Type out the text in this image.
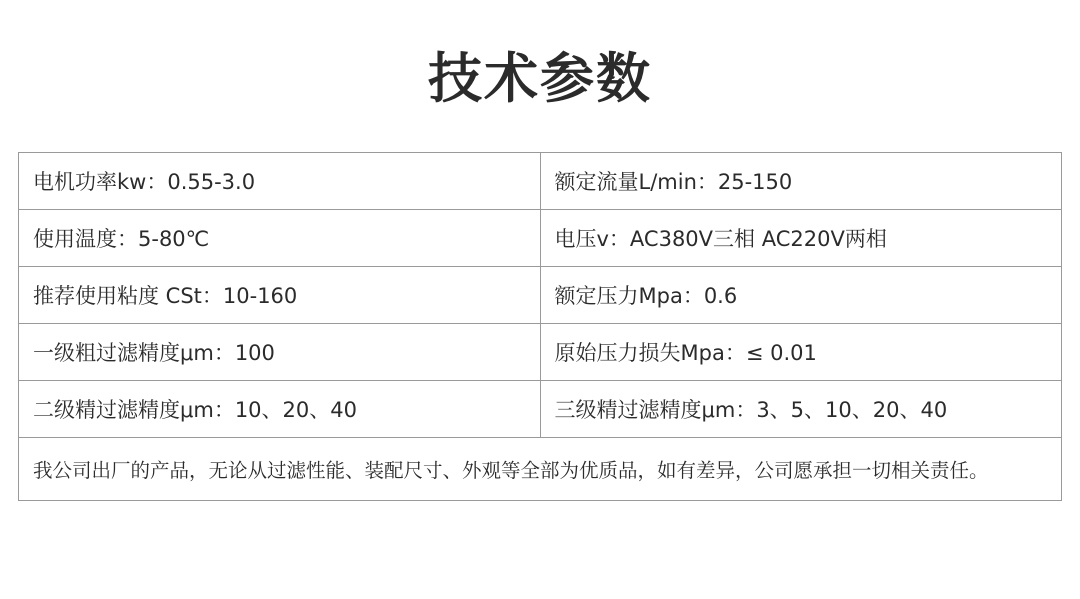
技术参数
电机功率kw：0.55-3.0	额定流量L/min：25-150
使用温度：5-80℃	电压v：AC380V三相 AC220V两相
推荐使用粘度 CSt：10-160	额定压力Mpa：0.6
一级粗过滤精度μm：100	原始压力损失Mpa：≤ 0.01
二级精过滤精度μm：10、20、40	三级精过滤精度μm：3、5、10、20、40
我公司出厂的产品，无论从过滤性能、装配尺寸、外观等全部为优质品，如有差异，公司愿承担一切相关责任。	
